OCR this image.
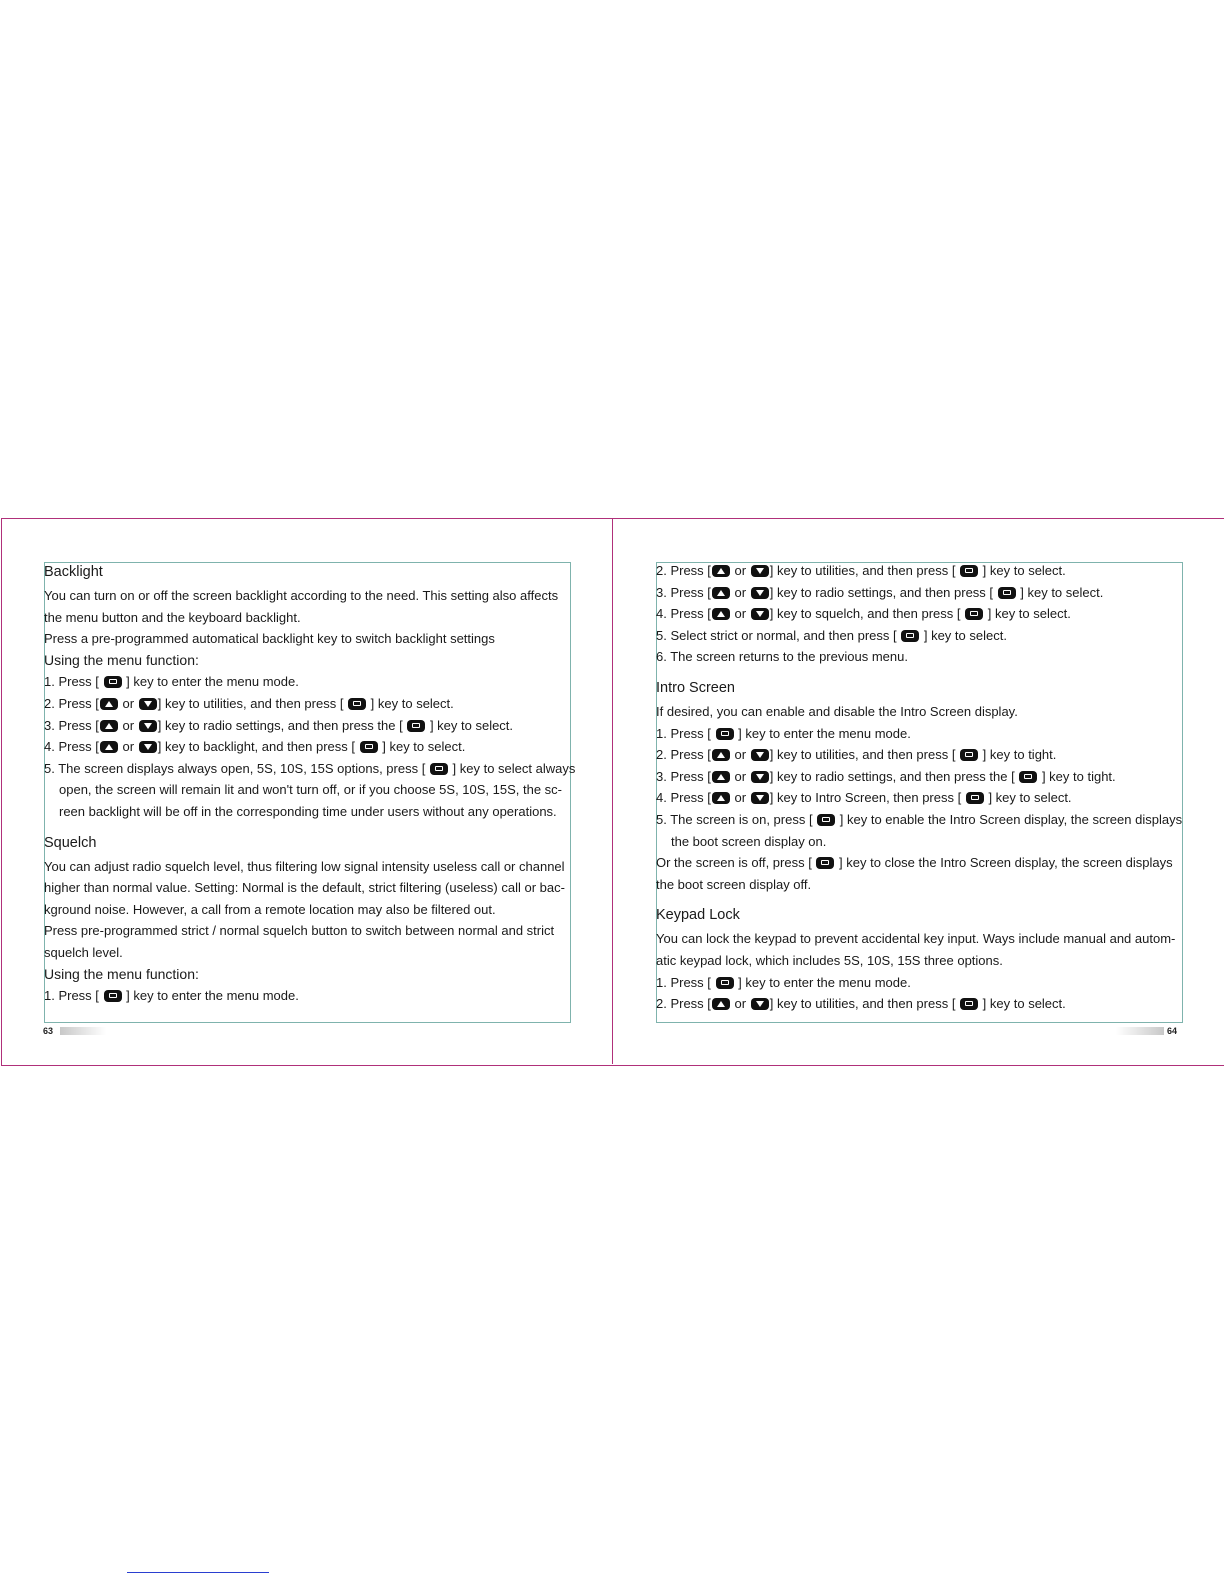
Backlight
You can turn on or off the screen backlight according to the need. This setting also affects
the menu button and the keyboard backlight.
Press a pre-programmed automatical backlight key to switch backlight settings
Using the menu function:
1. Press [  ] key to enter the menu mode.
2. Press [ or ] key to utilities, and then press [  ] key to select.
3. Press [ or ] key to radio settings, and then press the [  ] key to select.
4. Press [ or ] key to backlight, and then press [  ] key to select.
5. The screen displays always open, 5S, 10S, 15S options, press [  ] key to select always
open, the screen will remain lit and won't turn off, or if you choose 5S, 10S, 15S, the sc-
reen backlight will be off in the corresponding time under users without any operations.
Squelch
You can adjust radio squelch level, thus filtering low signal intensity useless call or channel
higher than normal value. Setting: Normal is the default, strict filtering (useless) call or bac-
kground noise. However, a call from a remote location may also be filtered out.
Press pre-programmed strict / normal squelch button to switch between normal and strict
squelch level.
Using the menu function:
1. Press [  ] key to enter the menu mode.
2. Press [ or ] key to utilities, and then press [  ] key to select.
3. Press [ or ] key to radio settings, and then press [  ] key to select.
4. Press [ or ] key to squelch, and then press [  ] key to select.
5. Select strict or normal, and then press [  ] key to select.
6. The screen returns to the previous menu.
Intro Screen
If desired, you can enable and disable the Intro Screen display.
1. Press [  ] key to enter the menu mode.
2. Press [ or ] key to utilities, and then press [  ] key to tight.
3. Press [ or ] key to radio settings, and then press the [  ] key to tight.
4. Press [ or ] key to Intro Screen, then press [  ] key to select.
5. The screen is on, press [  ] key to enable the Intro Screen display, the screen displays
the boot screen display on.
Or the screen is off, press [  ] key to close the Intro Screen display, the screen displays
the boot screen display off.
Keypad Lock
You can lock the keypad to prevent accidental key input. Ways include manual and autom-
atic keypad lock, which includes 5S, 10S, 15S three options.
1. Press [  ] key to enter the menu mode.
2. Press [ or ] key to utilities, and then press [  ] key to select.
63	64
